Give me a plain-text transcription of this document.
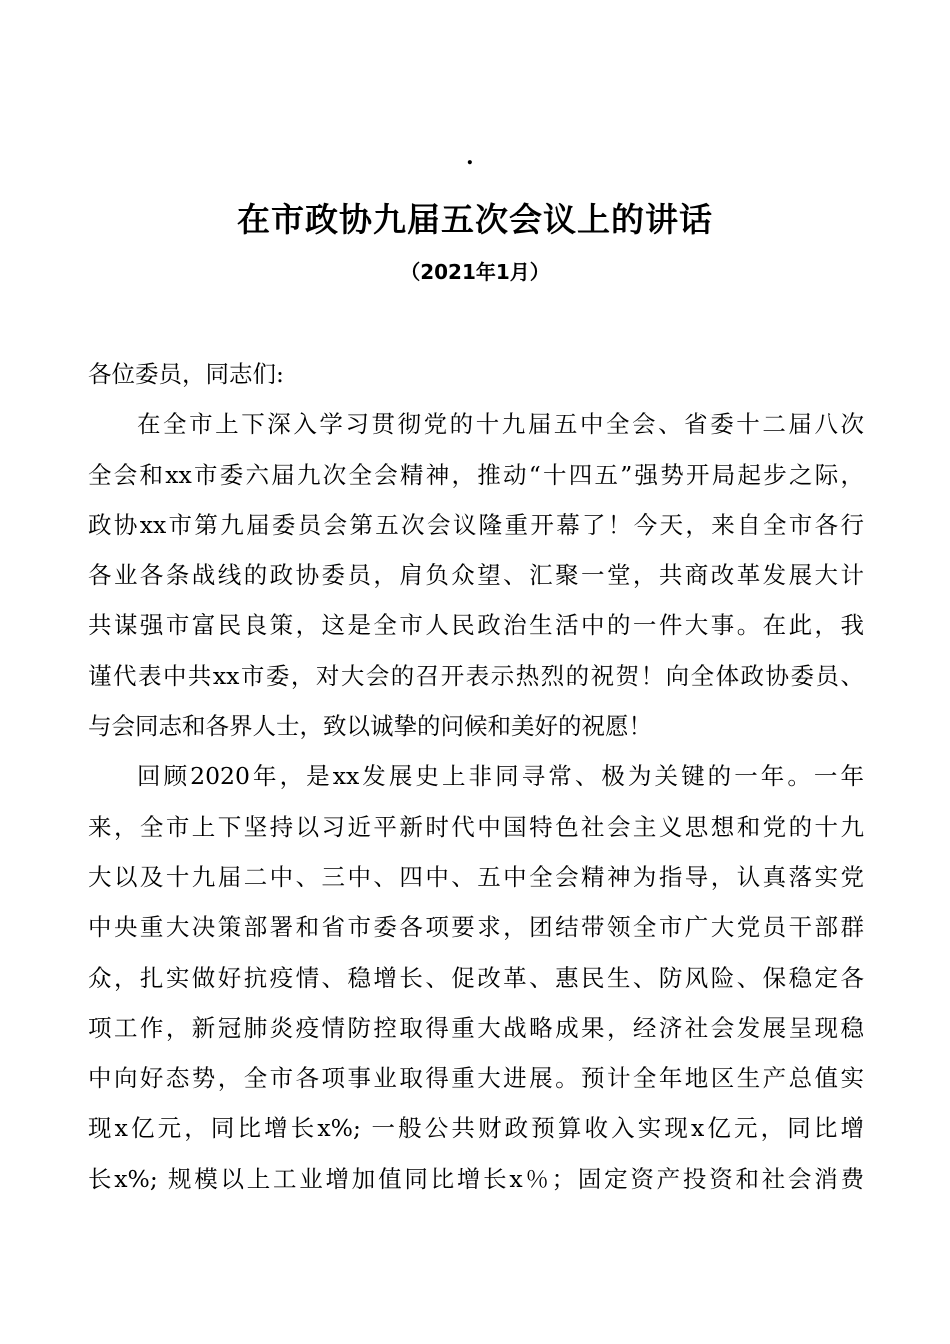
.
在市政协九届五次会议上的讲话
（2021年1月）
各位委员，同志们:
在全市上下深入学习贯彻党的十九届五中全会、省委十二届八次
全会和xx市委六届九次全会精神，推动“十四五”强势开局起步之际，
政协xx市第九届委员会第五次会议隆重开幕了！今天，来自全市各行
各业各条战线的政协委员，肩负众望、汇聚一堂，共商改革发展大计
共谋强市富民良策，这是全市人民政治生活中的一件大事。在此，我
谨代表中共xx市委，对大会的召开表示热烈的祝贺！向全体政协委员、
与会同志和各界人士，致以诚挚的问候和美好的祝愿！
回顾2020年，是xx发展史上非同寻常、极为关键的一年。一年
来，全市上下坚持以习近平新时代中国特色社会主义思想和党的十九
大以及十九届二中、三中、四中、五中全会精神为指导，认真落实党
中央重大决策部署和省市委各项要求，团结带领全市广大党员干部群
众，扎实做好抗疫情、稳增长、促改革、惠民生、防风险、保稳定各
项工作，新冠肺炎疫情防控取得重大战略成果，经济社会发展呈现稳
中向好态势，全市各项事业取得重大进展。预计全年地区生产总值实
现x亿元，同比增长x%; 一般公共财政预算收入实现x亿元，同比增
长x%; 规模以上工业增加值同比增长x％；固定资产投资和社会消费
